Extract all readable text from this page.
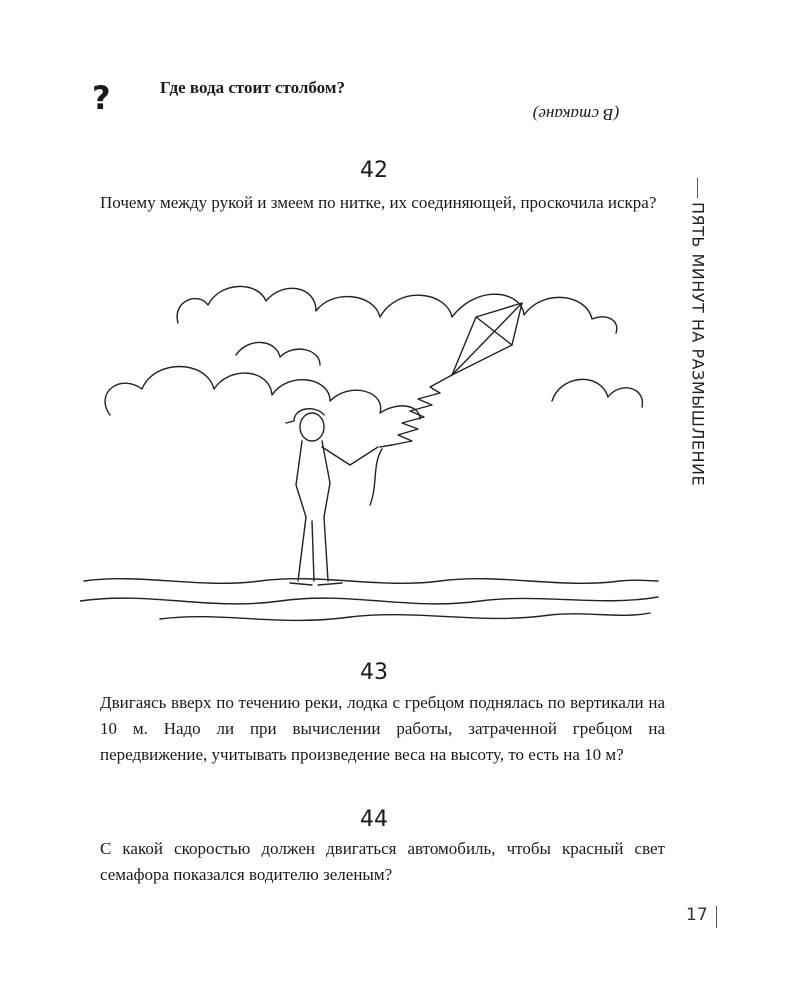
?	Где вода стоит столбом?
(В стакане)
42
Почему между рукой и змеем по нитке, их соединяющей, проскочила искра?
43
Двигаясь вверх по течению реки, лодка с гребцом поднялась по вертикали на 10 м. Надо ли при вычислении работы, затраченной гребцом на передвижение, учитывать произведение веса на высоту, то есть на 10 м?
44
С какой скоростью должен двигаться автомобиль, чтобы красный свет семафора показался водителю зеленым?
ПЯТЬ МИНУТ НА РАЗМЫШЛЕНИЕ
17
